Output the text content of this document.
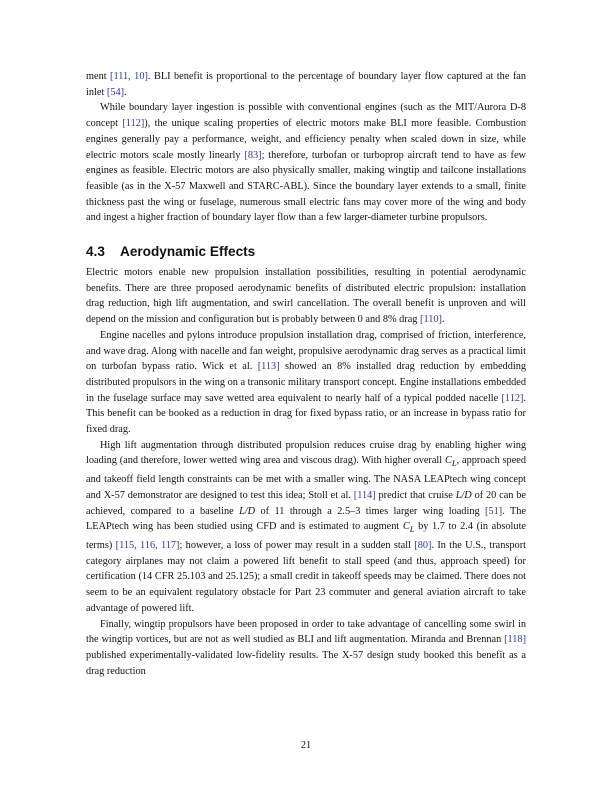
ment [111, 10]. BLI benefit is proportional to the percentage of boundary layer flow captured at the fan inlet [54].

While boundary layer ingestion is possible with conventional engines (such as the MIT/Aurora D-8 concept [112]), the unique scaling properties of electric motors make BLI more feasible. Combustion engines generally pay a performance, weight, and efficiency penalty when scaled down in size, while electric motors scale mostly linearly [83]; therefore, turbofan or turboprop aircraft tend to have as few engines as feasible. Electric motors are also physically smaller, making wingtip and tailcone installations feasible (as in the X-57 Maxwell and STARC-ABL). Since the boundary layer extends to a small, finite thickness past the wing or fuselage, numerous small electric fans may cover more of the wing and body and ingest a higher fraction of boundary layer flow than a few larger-diameter turbine propulsors.

4.3 Aerodynamic Effects

Electric motors enable new propulsion installation possibilities, resulting in potential aerodynamic benefits. There are three proposed aerodynamic benefits of distributed electric propulsion: installation drag reduction, high lift augmentation, and swirl cancellation. The overall benefit is unproven and will depend on the mission and configuration but is probably between 0 and 8% drag [110].

Engine nacelles and pylons introduce propulsion installation drag, comprised of friction, interference, and wave drag. Along with nacelle and fan weight, propulsive aerodynamic drag serves as a practical limit on turbofan bypass ratio. Wick et al. [113] showed an 8% installed drag reduction by embedding distributed propulsors in the wing on a transonic military transport concept. Engine installations embedded in the fuselage surface may save wetted area equivalent to nearly half of a typical podded nacelle [112]. This benefit can be booked as a reduction in drag for fixed bypass ratio, or an increase in bypass ratio for fixed drag.

High lift augmentation through distributed propulsion reduces cruise drag by enabling higher wing loading (and therefore, lower wetted wing area and viscous drag). With higher overall $C_L$, approach speed and takeoff field length constraints can be met with a smaller wing. The NASA LEAPtech wing concept and X-57 demonstrator are designed to test this idea; Stoll et al. [114] predict that cruise L/D of 20 can be achieved, compared to a baseline L/D of 11 through a 2.5–3 times larger wing loading [51]. The LEAPtech wing has been studied using CFD and is estimated to augment $C_L$ by 1.7 to 2.4 (in absolute terms) [115, 116, 117]; however, a loss of power may result in a sudden stall [80]. In the U.S., transport category airplanes may not claim a powered lift benefit to stall speed (and thus, approach speed) for certification (14 CFR 25.103 and 25.125); a small credit in takeoff speeds may be claimed. There does not seem to be an equivalent regulatory obstacle for Part 23 commuter and general aviation aircraft to take advantage of powered lift.

Finally, wingtip propulsors have been proposed in order to take advantage of cancelling some swirl in the wingtip vortices, but are not as well studied as BLI and lift augmentation. Miranda and Brennan [118] published experimentally-validated low-fidelity results. The X-57 design study booked this benefit as a drag reduction

21
